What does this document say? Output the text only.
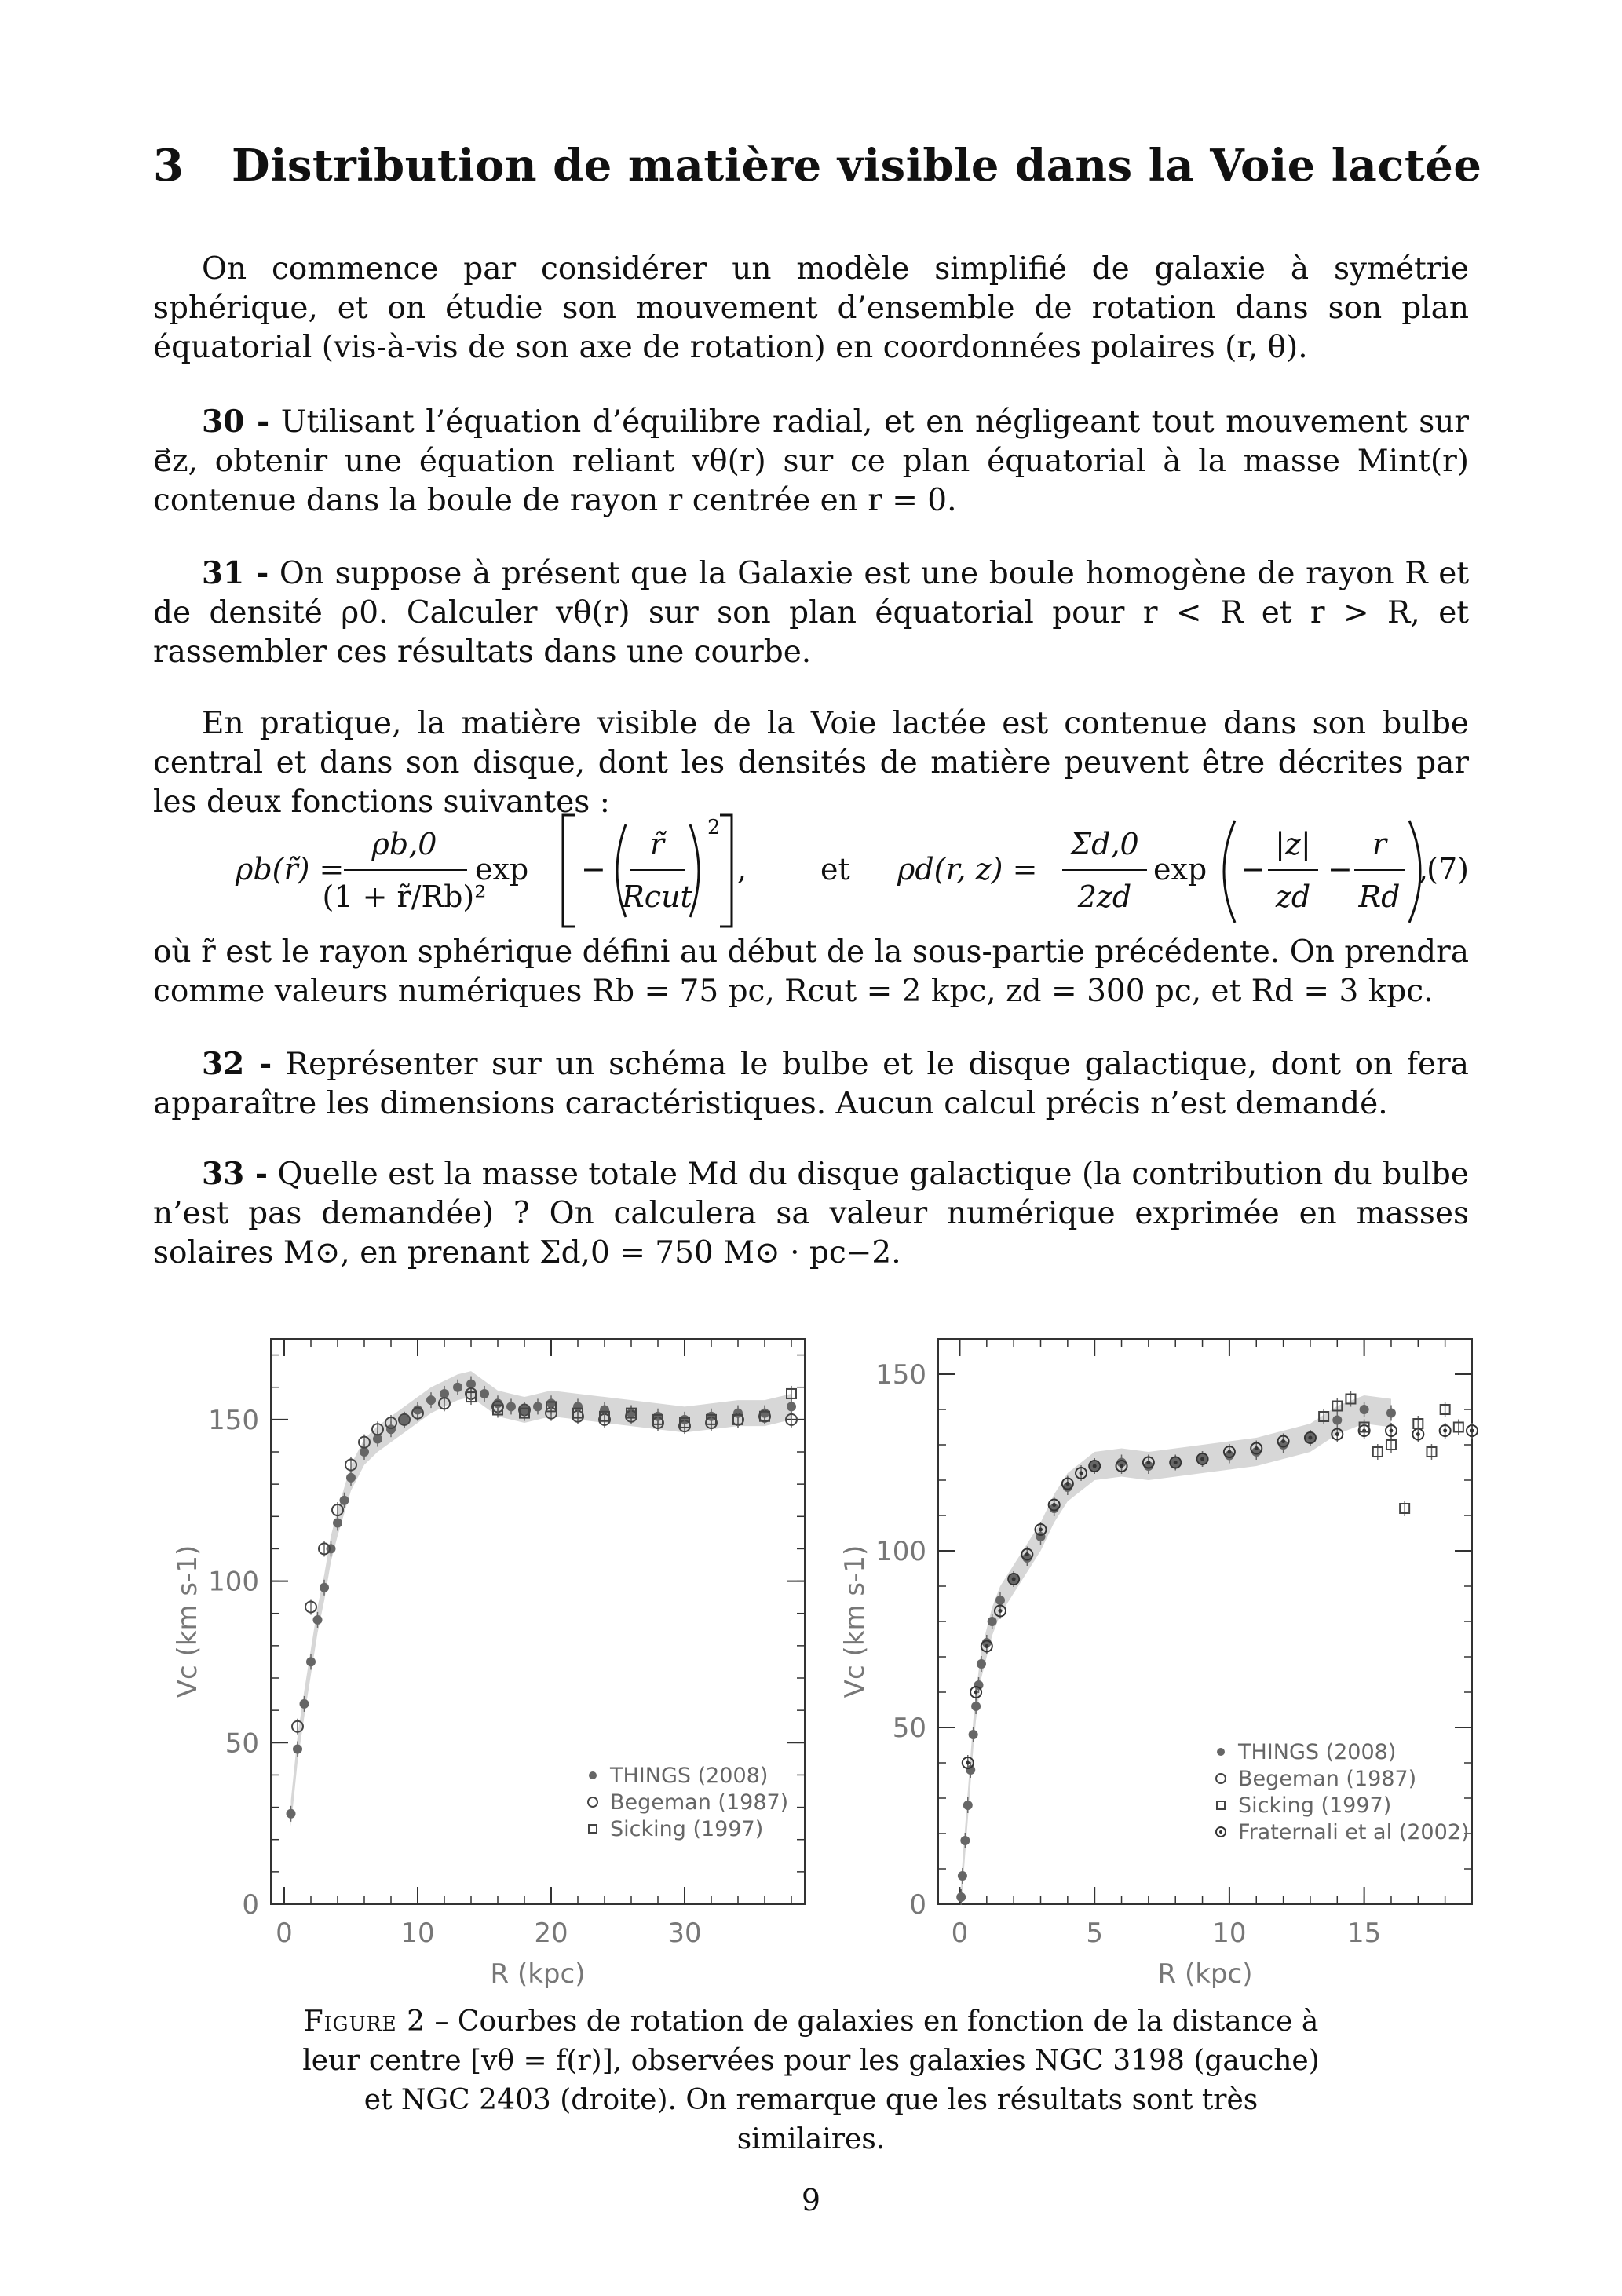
3 Distribution de matière visible dans la Voie lactée
On commence par considérer un modèle simplifié de galaxie à symétrie sphérique, et on étudie son mouvement d’ensemble de rotation dans son plan équatorial (vis-à-vis de son axe de rotation) en coordonnées polaires (r, θ).
30 - Utilisant l’équation d’équilibre radial, et en négligeant tout mouvement sur e⃗z, obtenir une équation reliant vθ(r) sur ce plan équatorial à la masse Mint(r) contenue dans la boule de rayon r centrée en r = 0.
31 - On suppose à présent que la Galaxie est une boule homogène de rayon R et de densité ρ0. Calculer vθ(r) sur son plan équatorial pour r < R et r > R, et rassembler ces résultats dans une courbe.
En pratique, la matière visible de la Voie lactée est contenue dans son bulbe central et dans son disque, dont les densités de matière peuvent être décrites par les deux fonctions suivantes :
ρb(r̃) =
ρb,0
(1 + r̃/Rb)²
exp −
r̃
Rcut
2
, et ρd(r, z) =
Σd,0
2zd
exp −
|z|
zd
−
r
Rd
,
(7)
où r̃ est le rayon sphérique défini au début de la sous-partie précédente. On prendra comme valeurs numériques Rb = 75 pc, Rcut = 2 kpc, zd = 300 pc, et Rd = 3 kpc.
32 - Représenter sur un schéma le bulbe et le disque galactique, dont on fera apparaître les dimensions caractéristiques. Aucun calcul précis n’est demandé.
33 - Quelle est la masse totale Md du disque galactique (la contribution du bulbe n’est pas demandée) ? On calculera sa valeur numérique exprimée en masses solaires M⊙, en prenant Σd,0 = 750 M⊙ · pc−2.
0
50
100
150
0	10	20	30
R (kpc)
Vc (km s-1)
THINGS (2008)
Begeman (1987)
Sicking (1997)
0
50
100
150
0	5	10	15
R (kpc)
Vc (km s-1)
THINGS (2008)
Begeman (1987)
Sicking (1997)
Fraternali et al (2002)
Figure 2 – Courbes de rotation de galaxies en fonction de la distance à leur centre [vθ = f(r)], observées pour les galaxies NGC 3198 (gauche) et NGC 2403 (droite). On remarque que les résultats sont très similaires.
9
